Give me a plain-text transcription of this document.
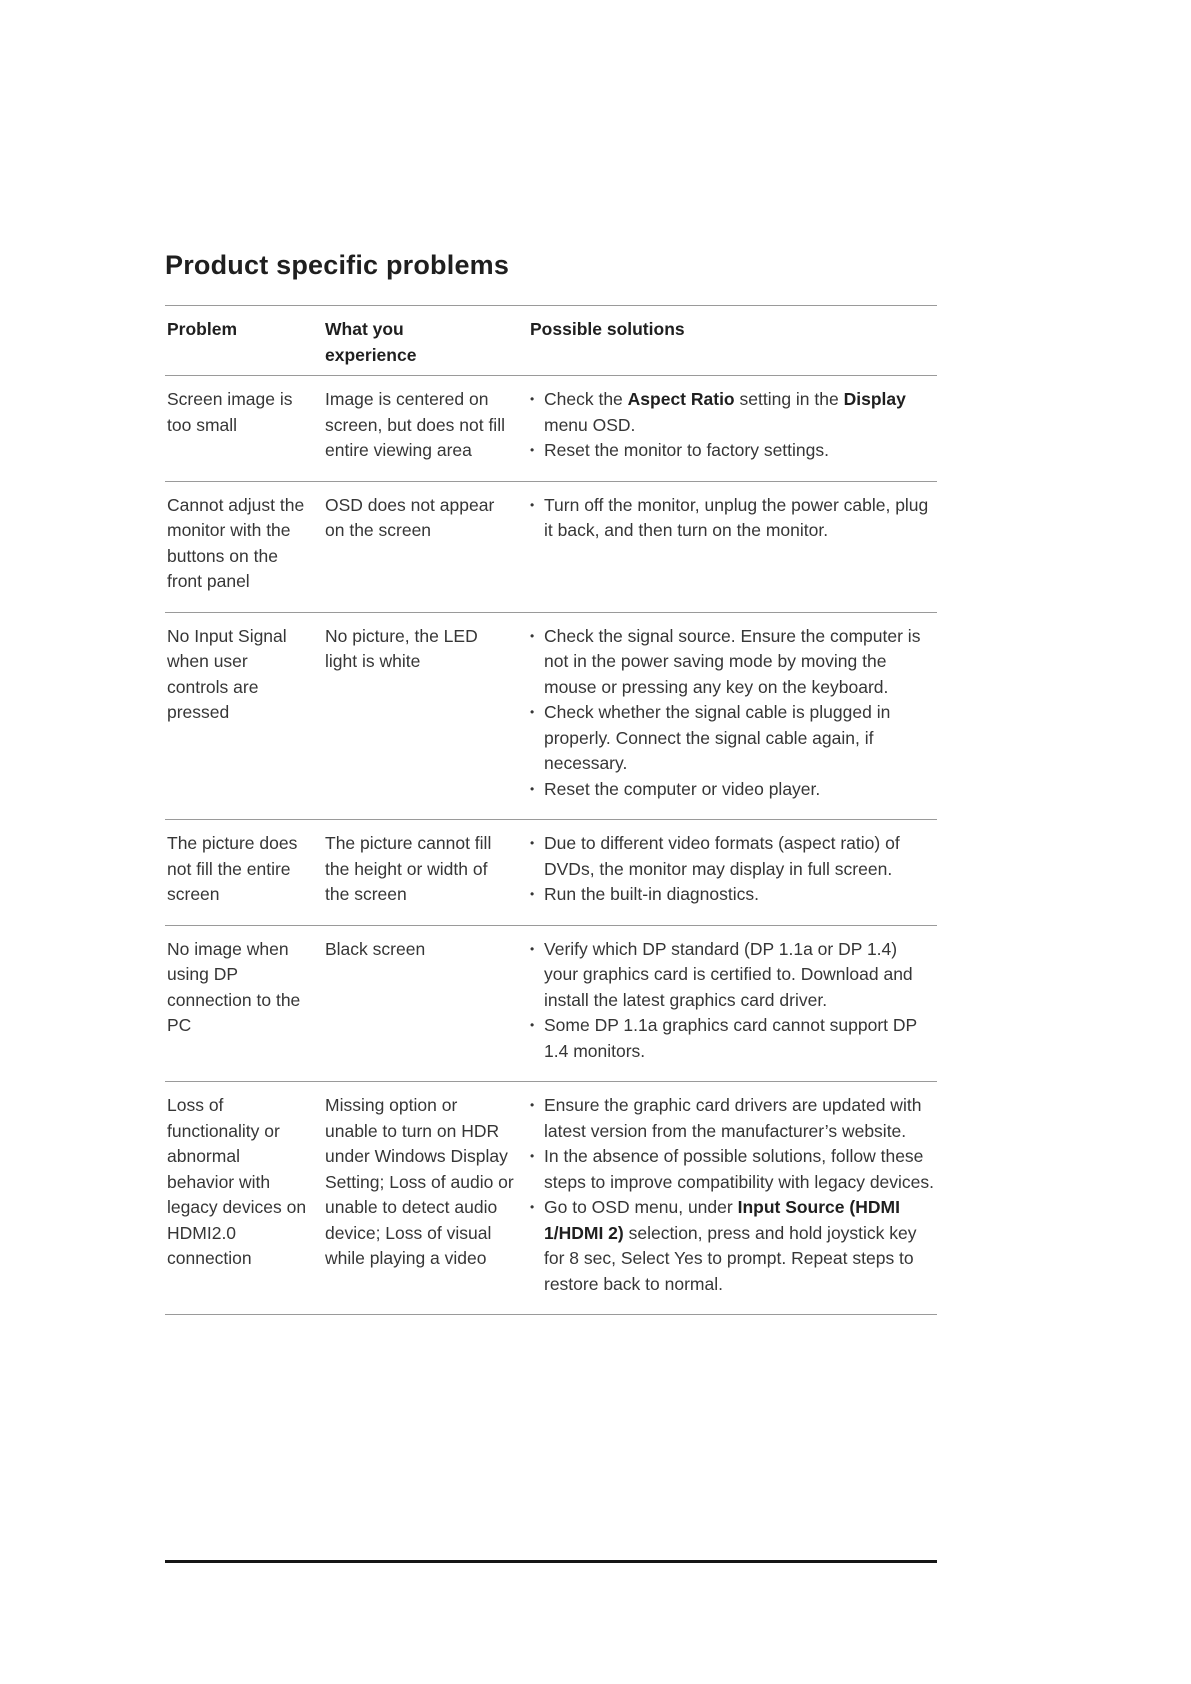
Product specific problems
Problem	What you experience
Possible solutions
Screen image is too small
Image is centered on screen, but does not fill entire viewing area
• Check the Aspect Ratio setting in the Display menu OSD.
• Reset the monitor to factory settings.
Cannot adjust the monitor with the buttons on the front panel
OSD does not appear on the screen
• Turn off the monitor, unplug the power cable, plug it back, and then turn on the monitor.
No Input Signal when user controls are pressed
No picture, the LED light is white
• Check the signal source. Ensure the computer is not in the power saving mode by moving the mouse or pressing any key on the keyboard.
• Check whether the signal cable is plugged in properly. Connect the signal cable again, if necessary.
• Reset the computer or video player.
The picture does not fill the entire screen
The picture cannot fill the height or width of the screen
• Due to different video formats (aspect ratio) of DVDs, the monitor may display in full screen.
• Run the built-in diagnostics.
No image when using DP connection to the PC
Black screen	• Verify which DP standard (DP 1.1a or DP 1.4) your graphics card is certified to. Download and install the latest graphics card driver.
• Some DP 1.1a graphics card cannot support DP 1.4 monitors.
Loss of functionality or abnormal behavior with legacy devices on HDMI2.0 connection
Missing option or unable to turn on HDR under Windows Display Setting; Loss of audio or unable to detect audio device; Loss of visual while playing a video
• Ensure the graphic card drivers are updated with latest version from the manufacturer’s website.
• In the absence of possible solutions, follow these steps to improve compatibility with legacy devices.
• Go to OSD menu, under Input Source (HDMI 1/HDMI 2) selection, press and hold joystick key for 8 sec, Select Yes to prompt. Repeat steps to restore back to normal.
